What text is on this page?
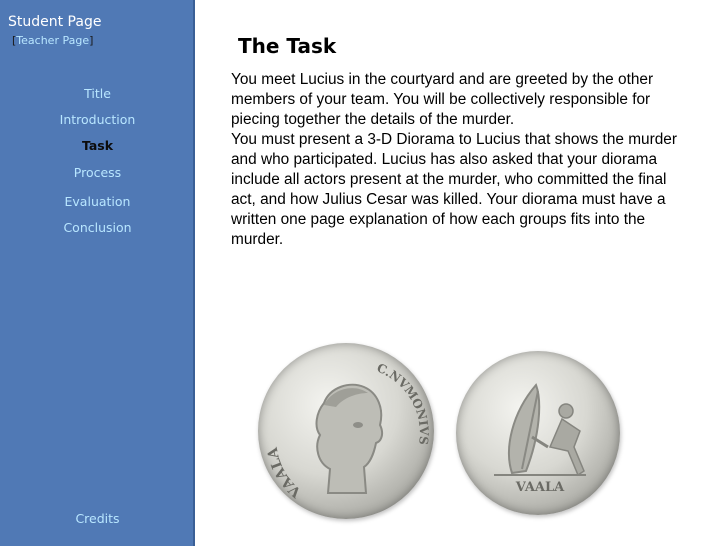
Student Page
[Teacher Page]
Title
Introduction
Task
Process
Evaluation
Conclusion
Credits
The Task

You meet Lucius in the courtyard and are greeted by the other members of your team. You will be collectively responsible for piecing together the details of the murder.

You must present a 3-D Diorama to Lucius that shows the murder and who participated. Lucius has also asked that your diorama include all actors present at the murder, who committed the final act, and how Julius Cesar was killed. Your diorama must have a written one page explanation of how each groups fits into the murder.

VAALA
C.NVMONIVS
VAALA
